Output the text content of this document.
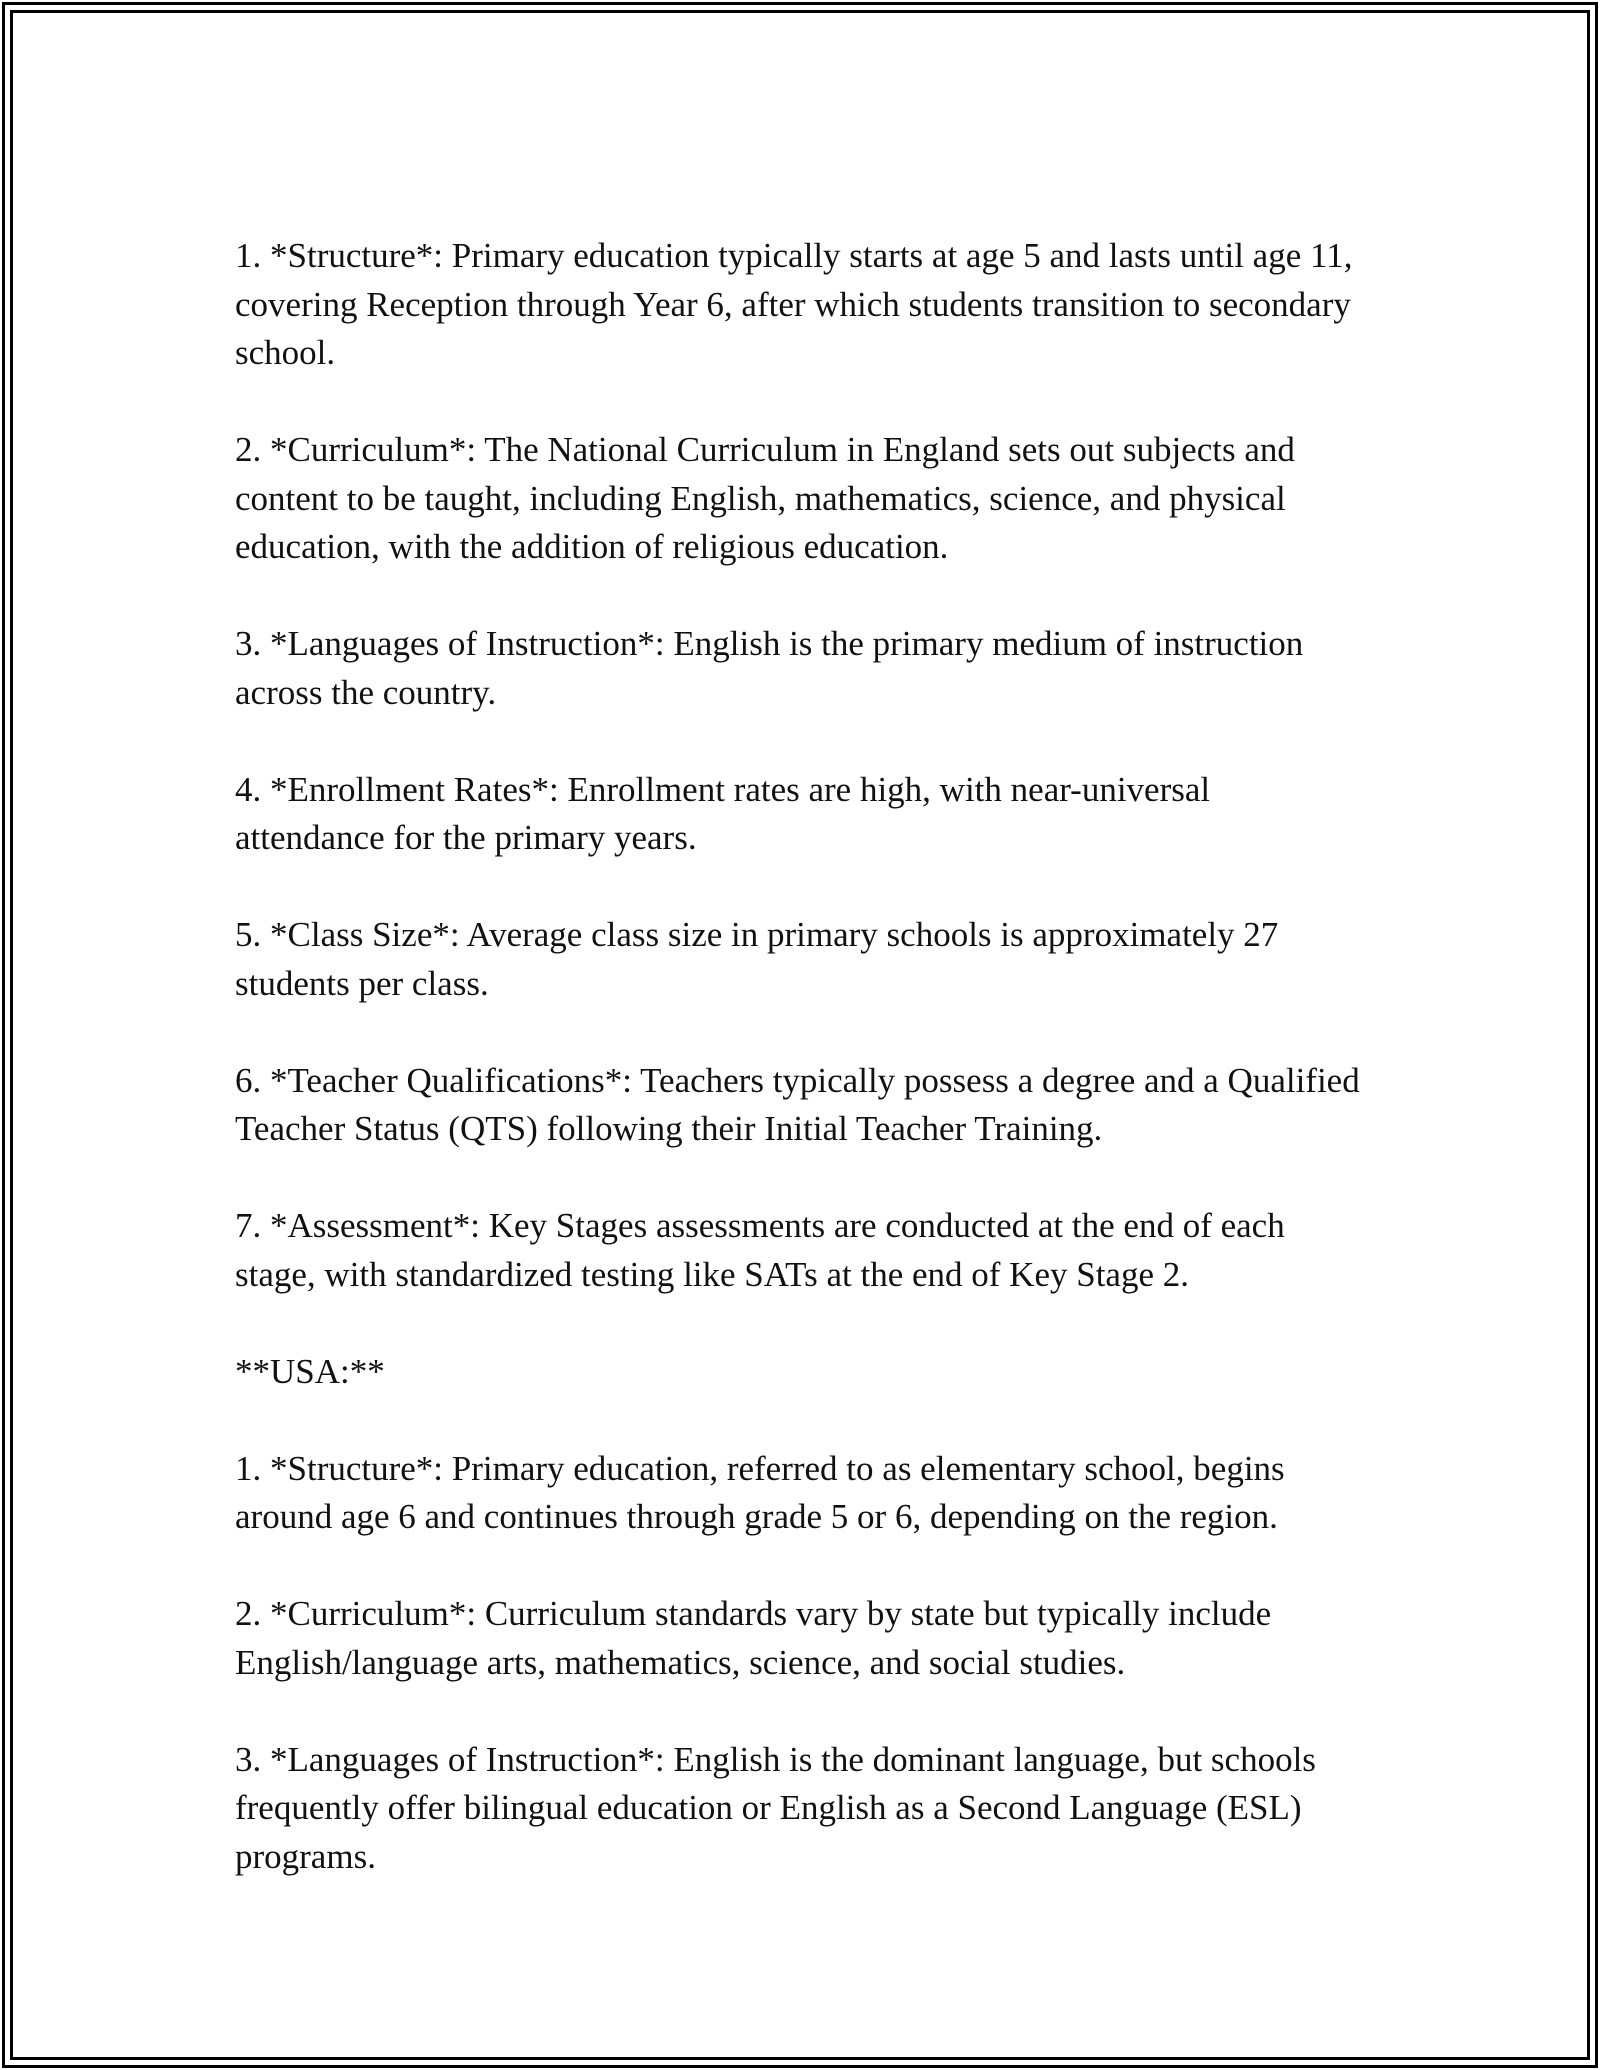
1. *Structure*: Primary education typically starts at age 5 and lasts until age 11, covering Reception through Year 6, after which students transition to secondary school.

2. *Curriculum*: The National Curriculum in England sets out subjects and content to be taught, including English, mathematics, science, and physical education, with the addition of religious education.

3. *Languages of Instruction*: English is the primary medium of instruction across the country.

4. *Enrollment Rates*: Enrollment rates are high, with near-universal attendance for the primary years.

5. *Class Size*: Average class size in primary schools is approximately 27 students per class.

6. *Teacher Qualifications*: Teachers typically possess a degree and a Qualified Teacher Status (QTS) following their Initial Teacher Training.

7. *Assessment*: Key Stages assessments are conducted at the end of each stage, with standardized testing like SATs at the end of Key Stage 2.

**USA:**

1. *Structure*: Primary education, referred to as elementary school, begins around age 6 and continues through grade 5 or 6, depending on the region.

2. *Curriculum*: Curriculum standards vary by state but typically include English/language arts, mathematics, science, and social studies.

3. *Languages of Instruction*: English is the dominant language, but schools frequently offer bilingual education or English as a Second Language (ESL) programs.
